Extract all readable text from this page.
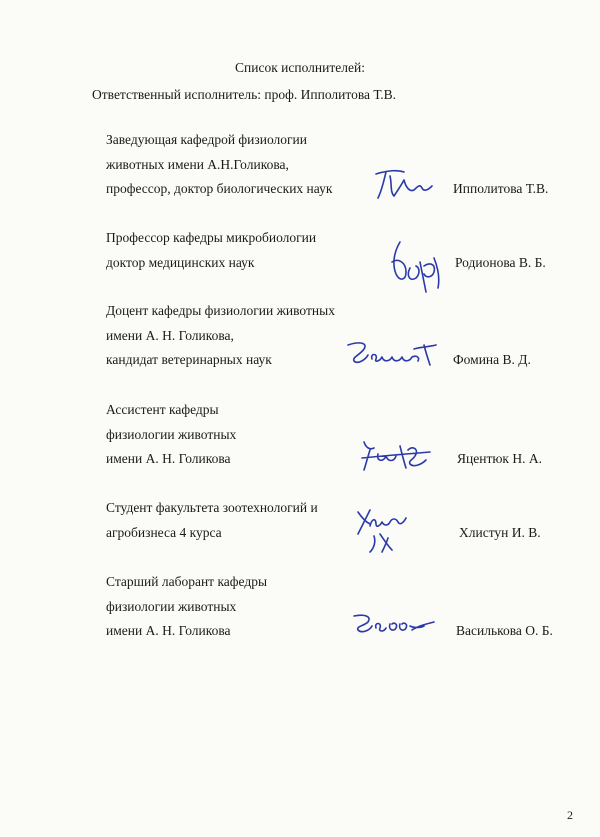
Список исполнителей:
Ответственный исполнитель: проф. Ипполитова Т.В.
Заведующая кафедрой физиологии
животных имени А.Н.Голикова,
профессор, доктор биологических наук	Ипполитова Т.В.
Профессор кафедры микробиологии
доктор медицинских наук	Родионова В. Б.
Доцент кафедры физиологии животных
имени А. Н. Голикова,
кандидат ветеринарных наук	Фомина В. Д.
Ассистент кафедры
физиологии животных
имени А. Н. Голикова	Яцентюк Н. А.
Студент факультета зоотехнологий и
агробизнеса 4 курса	Хлистун И. В.
Старший лаборант кафедры
физиологии животных
имени А. Н. Голикова	Василькова О. Б.
2
